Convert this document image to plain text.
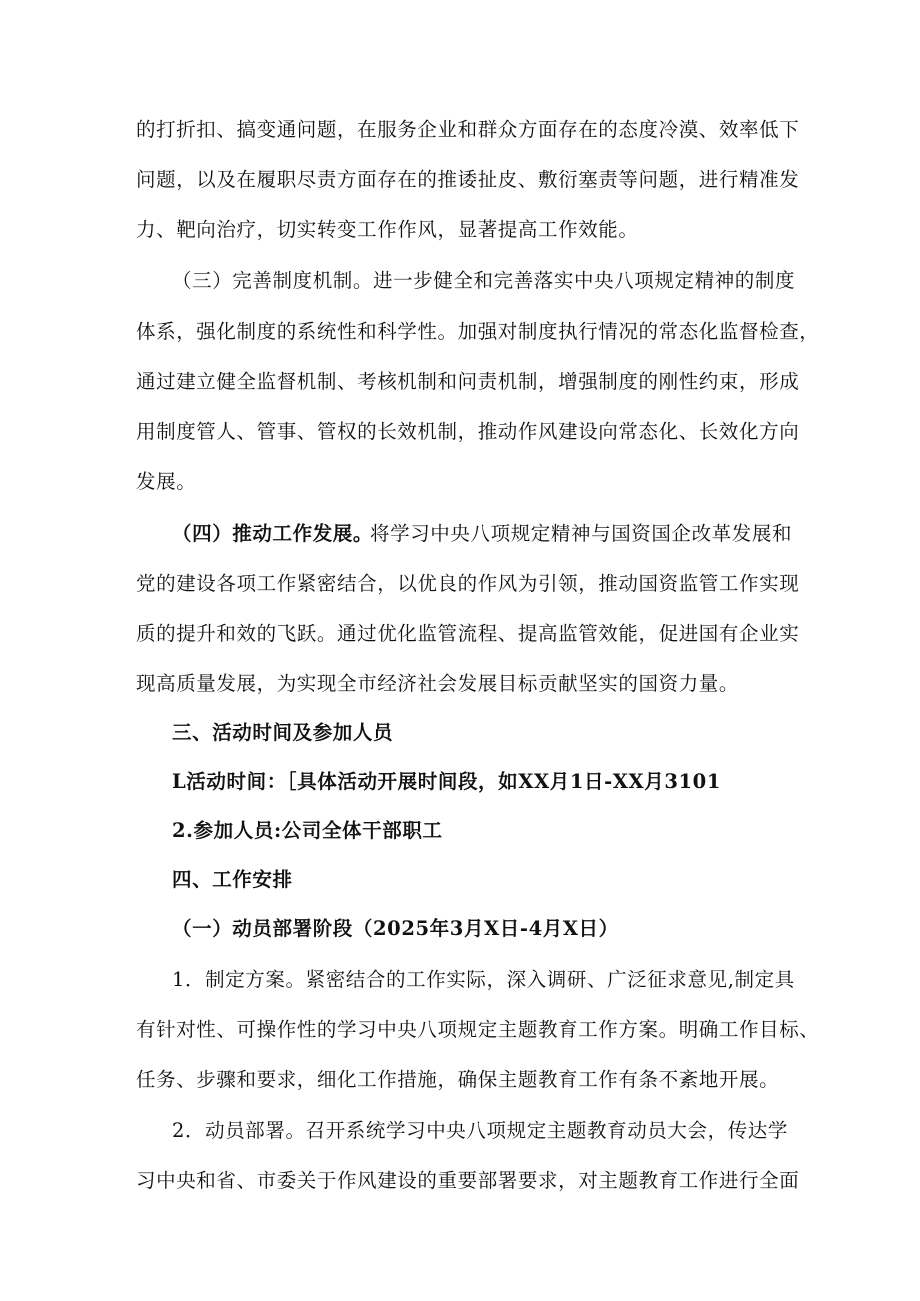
的打折扣、搞变通问题，在服务企业和群众方面存在的态度冷漠、效率低下
问题，以及在履职尽责方面存在的推诿扯皮、敷衍塞责等问题，进行精准发
力、靶向治疗，切实转变工作作风，显著提高工作效能。
（三）完善制度机制。进一步健全和完善落实中央八项规定精神的制度
体系，强化制度的系统性和科学性。加强对制度执行情况的常态化监督检查，
通过建立健全监督机制、考核机制和问责机制，增强制度的刚性约束，形成
用制度管人、管事、管权的长效机制，推动作风建设向常态化、长效化方向
发展。
（四）推动工作发展。
将学习中央八项规定精神与国资国企改革发展和
党的建设各项工作紧密结合，以优良的作风为引领，推动国资监管工作实现
质的提升和效的飞跃。通过优化监管流程、提高监管效能，促进国有企业实
现高质量发展，为实现全市经济社会发展目标贡献坚实的国资力量。
三、活动时间及参加人员
L活动时间：［具体活动开展时间段，如XX月1日-XX月3101
2.参加人员:公司全体干部职工
四、工作安排
（一）动员部署阶段（2025年3月X日-4月X日）
1．制定方案。紧密结合的工作实际，深入调研、广泛征求意见,制定具
有针对性、可操作性的学习中央八项规定主题教育工作方案。明确工作目标、
任务、步骤和要求，细化工作措施，确保主题教育工作有条不紊地开展。
2．动员部署。召开系统学习中央八项规定主题教育动员大会，传达学
习中央和省、市委关于作风建设的重要部署要求，对主题教育工作进行全面
